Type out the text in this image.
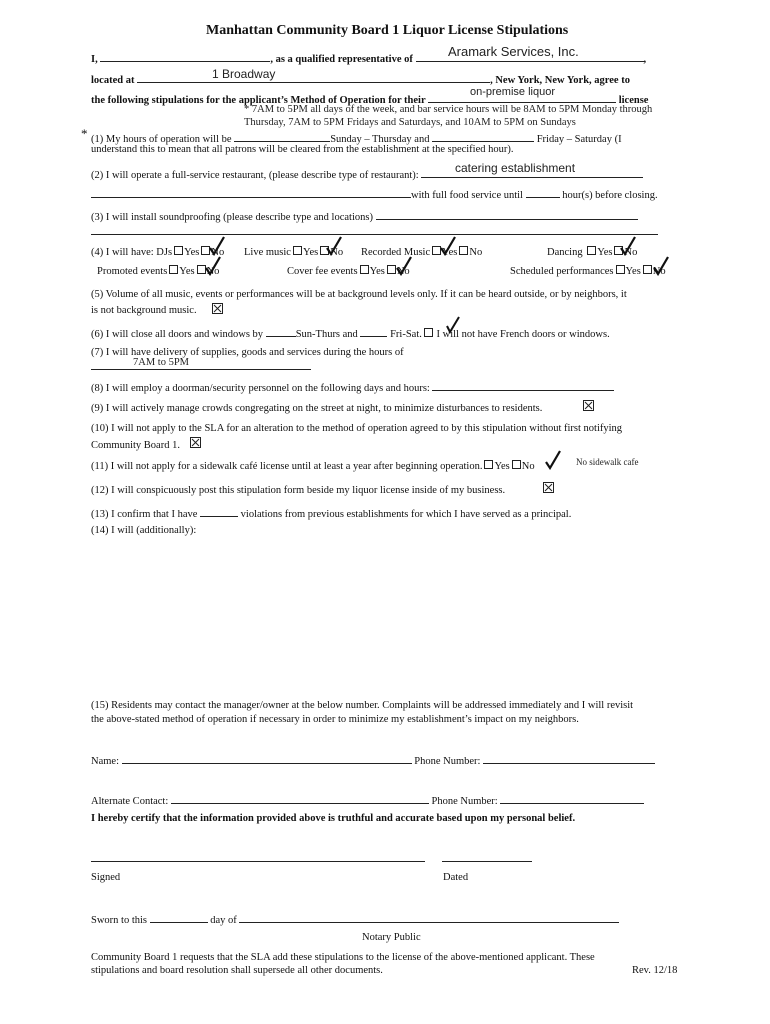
Manhattan Community Board 1 Liquor License Stipulations
I,	, as a qualified representative of	,
Aramark Services, Inc.
located at	, New York, New York, agree to
1 Broadway
the following stipulations for the applicant’s Method of Operation for their	license
on-premise liquor
* 7AM to 5PM all days of the week, and bar service hours will be 8AM to 5PM Monday through
Thursday, 7AM to 5PM Fridays and Saturdays, and 10AM to 5PM on Sundays
* (1) My hours of operation will be	Sunday – Thursday and	Friday – Saturday (I
understand this to mean that all patrons will be cleared from the establishment at the specified hour).
(2) I will operate a full-service restaurant, (please describe type of restaurant):
catering establishment
with full food service until	hour(s) before closing.
(3) I will install soundproofing (please describe type and locations)
(4) I will have: DJs Yes No Live music Yes No Recorded Music Yes No	Dancing Yes No
Promoted events Yes No	Cover fee events Yes No	Scheduled performances Yes No
(5) Volume of all music, events or performances will be at background levels only. If it can be heard outside, or by neighbors, it
is not background music.
(6) I will close all doors and windows by	Sun-Thurs and	Fri-Sat. I will not have French doors or windows.
(7) I will have delivery of supplies, goods and services during the hours of
7AM to 5PM
(8) I will employ a doorman/security personnel on the following days and hours:
(9) I will actively manage crowds congregating on the street at night, to minimize disturbances to residents.
(10) I will not apply to the SLA for an alteration to the method of operation agreed to by this stipulation without first notifying
Community Board 1.
(11) I will not apply for a sidewalk café license until at least a year after beginning operation. Yes No	No sidewalk cafe
(12) I will conspicuously post this stipulation form beside my liquor license inside of my business.
(13) I confirm that I have	violations from previous establishments for which I have served as a principal.
(14) I will (additionally):
(15) Residents may contact the manager/owner at the below number. Complaints will be addressed immediately and I will revisit
the above-stated method of operation if necessary in order to minimize my establishment’s impact on my neighbors.
Name:	Phone Number:
Alternate Contact:	Phone Number:
I hereby certify that the information provided above is truthful and accurate based upon my personal belief.
Signed	Dated
Sworn to this	day of
Notary Public
Community Board 1 requests that the SLA add these stipulations to the license of the above-mentioned applicant. These
stipulations and board resolution shall supersede all other documents.	Rev. 12/18
